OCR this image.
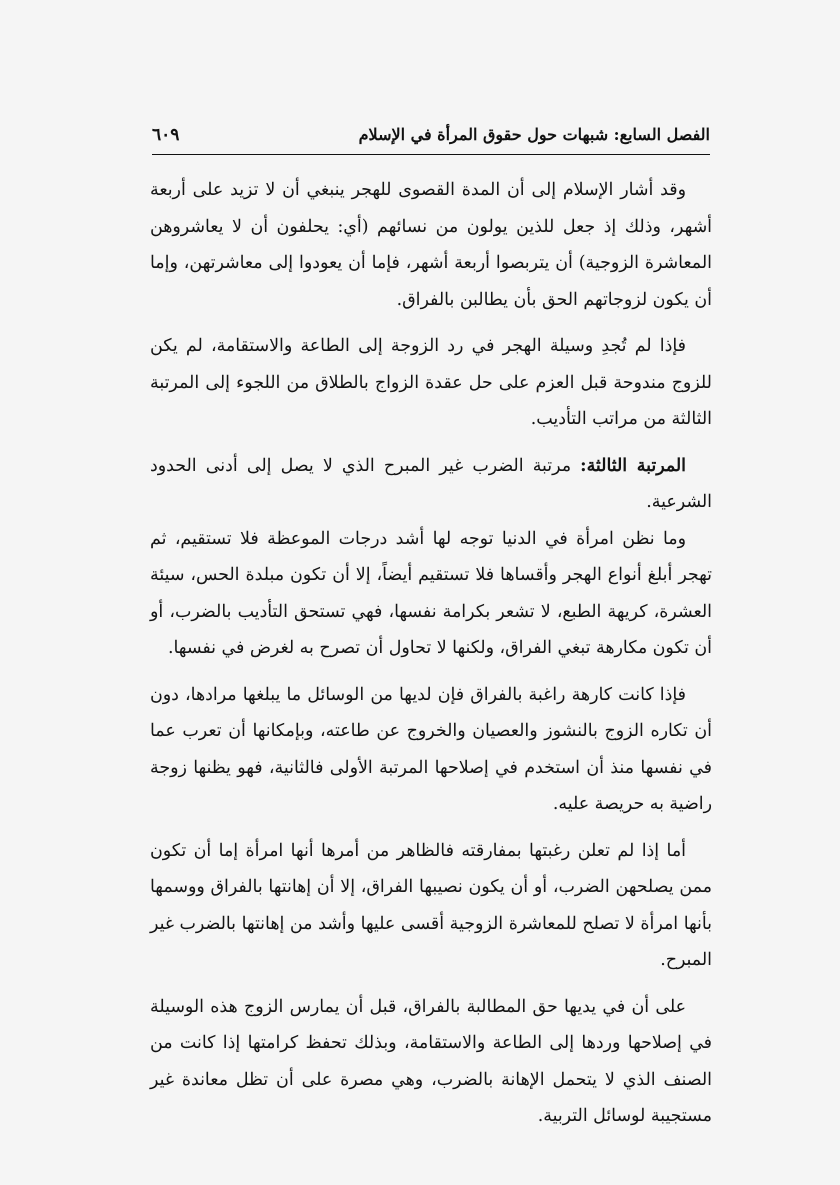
الفصل السابع: شبهات حول حقوق المرأة في الإسلام
٦٠٩

وقد أشار الإسلام إلى أن المدة القصوى للهجر ينبغي أن لا تزيد على أربعة أشهر، وذلك إذ جعل للذين يولون من نسائهم (أي: يحلفون أن لا يعاشروهن المعاشرة الزوجية) أن يتربصوا أربعة أشهر، فإما أن يعودوا إلى معاشرتهن، وإما أن يكون لزوجاتهم الحق بأن يطالبن بالفراق.

فإذا لم تُجدِ وسيلة الهجر في رد الزوجة إلى الطاعة والاستقامة، لم يكن للزوج مندوحة قبل العزم على حل عقدة الزواج بالطلاق من اللجوء إلى المرتبة الثالثة من مراتب التأديب.

المرتبة الثالثة: مرتبة الضرب غير المبرح الذي لا يصل إلى أدنى الحدود الشرعية.

وما نظن امرأة في الدنيا توجه لها أشد درجات الموعظة فلا تستقيم، ثم تهجر أبلغ أنواع الهجر وأقساها فلا تستقيم أيضاً، إلا أن تكون مبلدة الحس، سيئة العشرة، كريهة الطبع، لا تشعر بكرامة نفسها، فهي تستحق التأديب بالضرب، أو أن تكون مكارهة تبغي الفراق، ولكنها لا تحاول أن تصرح به لغرض في نفسها.

فإذا كانت كارهة راغبة بالفراق فإن لديها من الوسائل ما يبلغها مرادها، دون أن تكاره الزوج بالنشوز والعصيان والخروج عن طاعته، وبإمكانها أن تعرب عما في نفسها منذ أن استخدم في إصلاحها المرتبة الأولى فالثانية، فهو يظنها زوجة راضية به حريصة عليه.

أما إذا لم تعلن رغبتها بمفارقته فالظاهر من أمرها أنها امرأة إما أن تكون ممن يصلحهن الضرب، أو أن يكون نصيبها الفراق، إلا أن إهانتها بالفراق ووسمها بأنها امرأة لا تصلح للمعاشرة الزوجية أقسى عليها وأشد من إهانتها بالضرب غير المبرح.

على أن في يديها حق المطالبة بالفراق، قبل أن يمارس الزوج هذه الوسيلة في إصلاحها وردها إلى الطاعة والاستقامة، وبذلك تحفظ كرامتها إذا كانت من الصنف الذي لا يتحمل الإهانة بالضرب، وهي مصرة على أن تظل معاندة غير مستجيبة لوسائل التربية.
